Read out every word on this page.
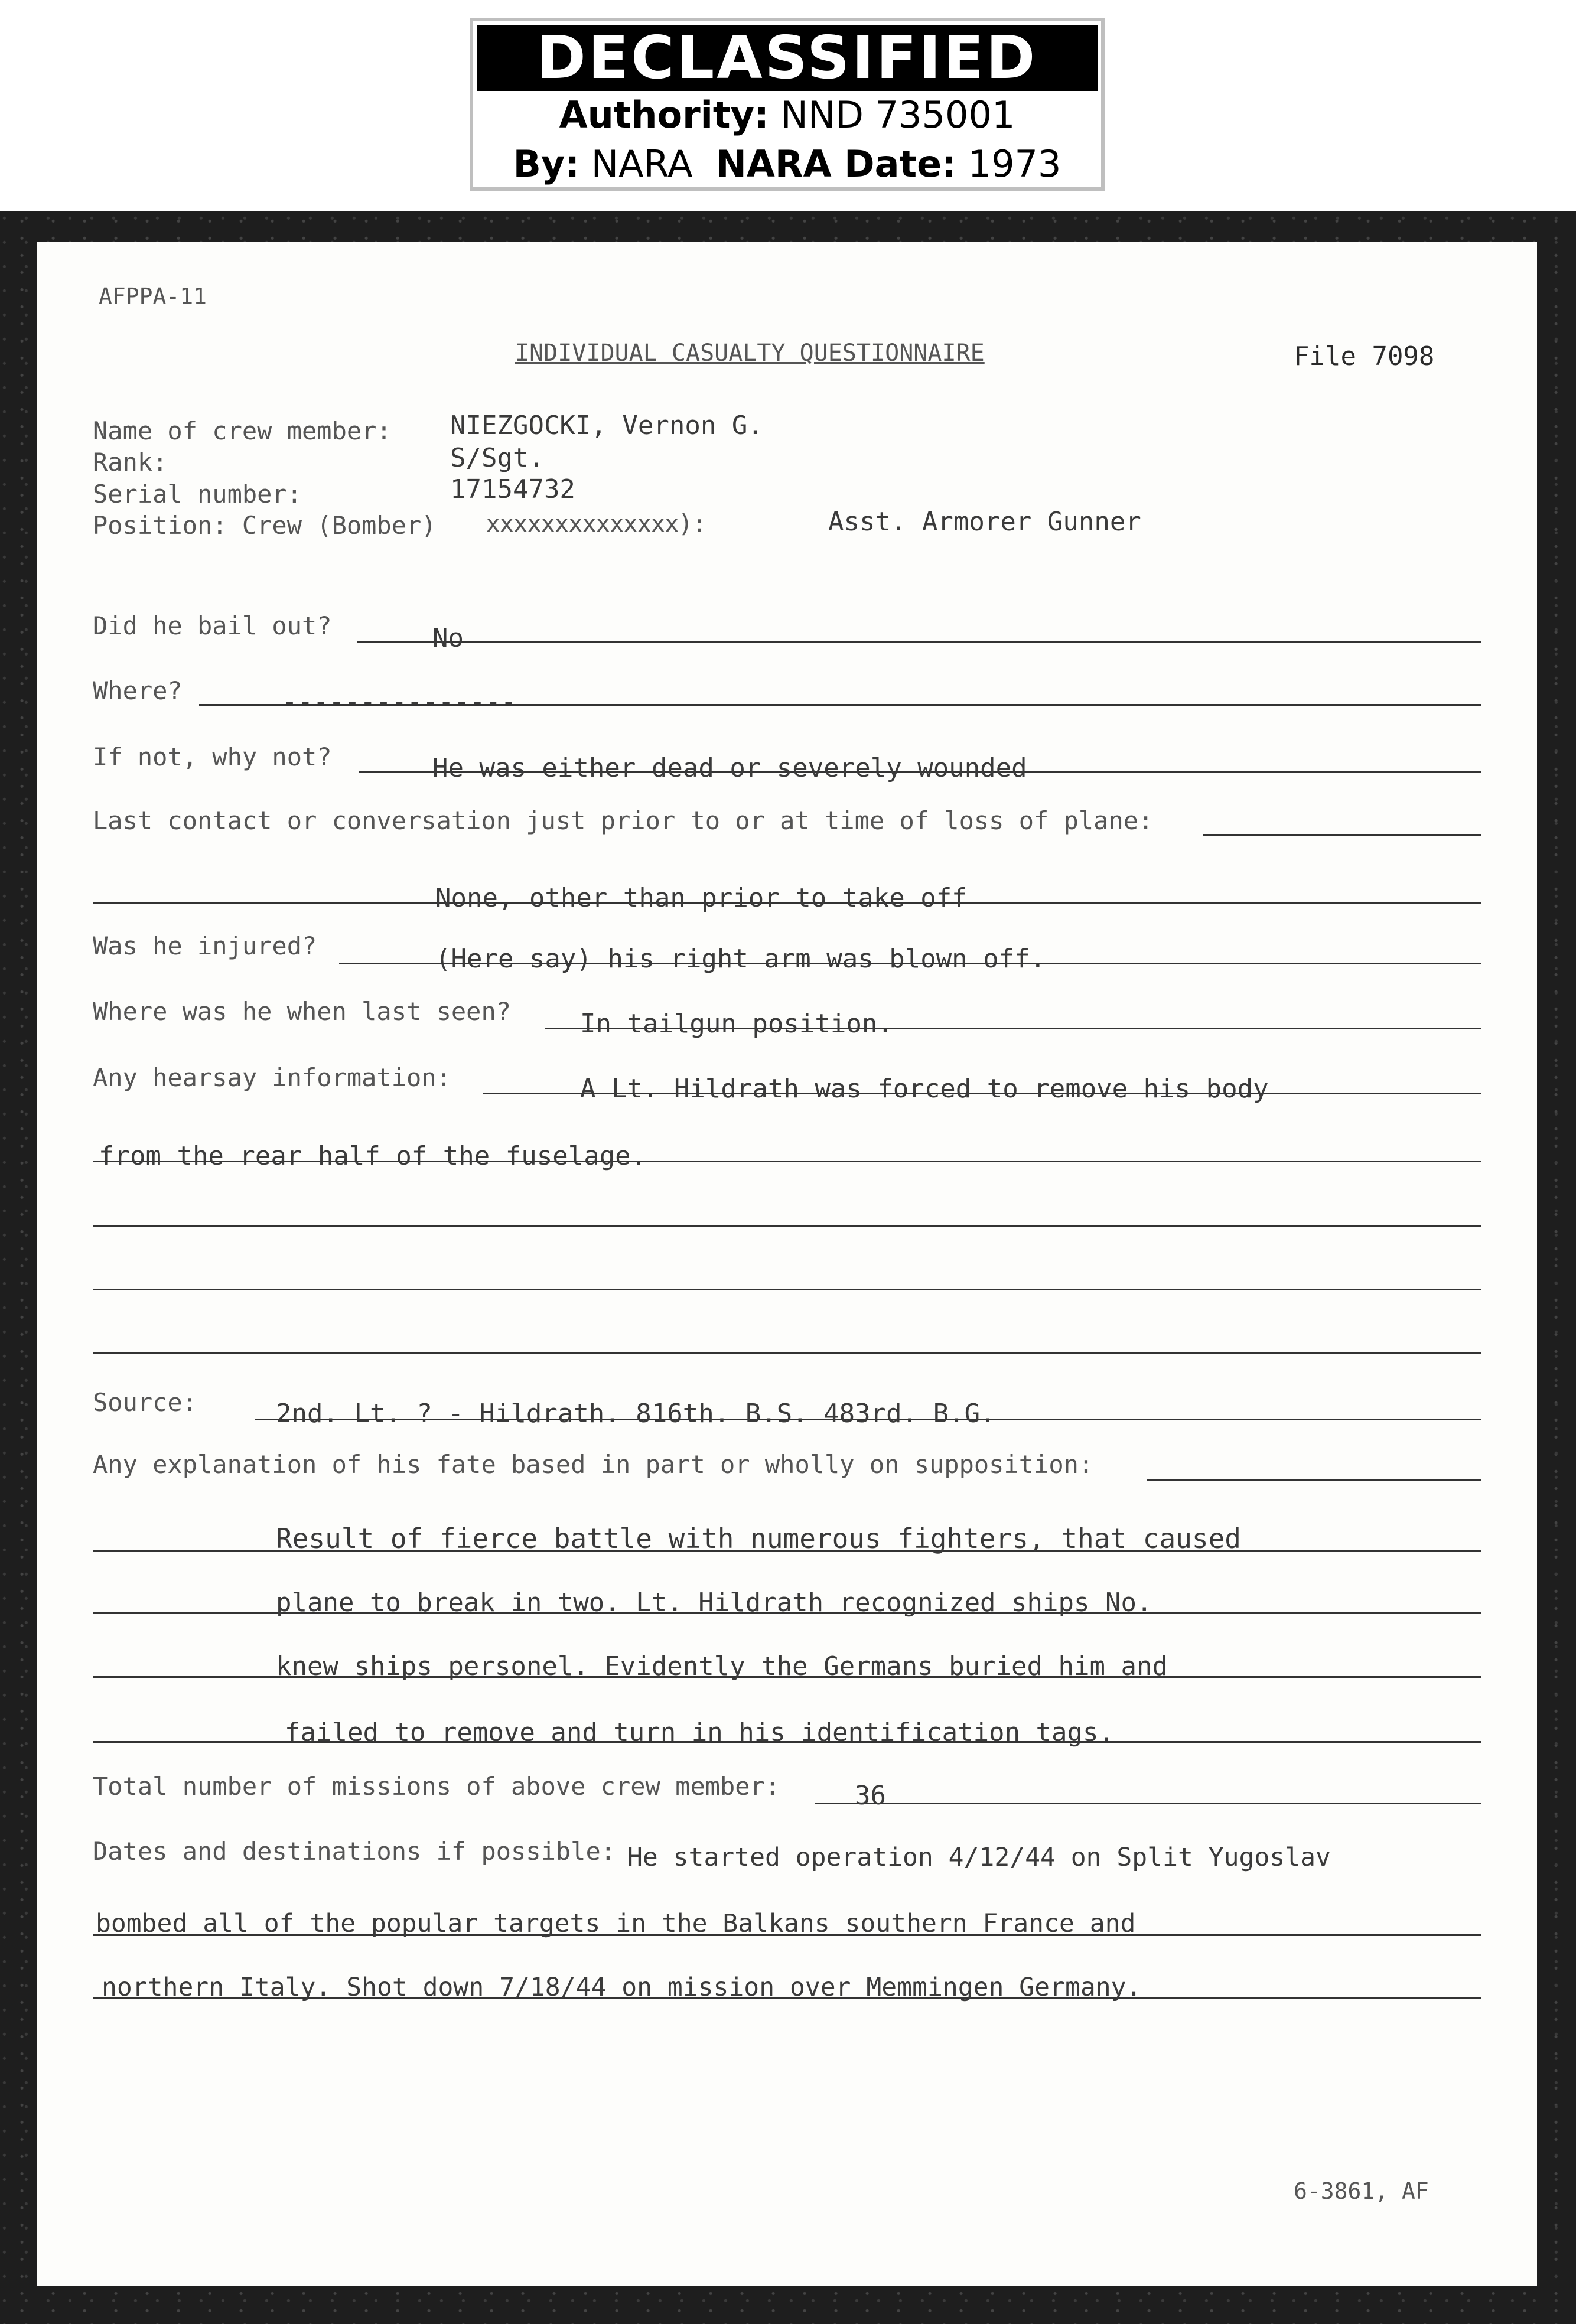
DECLASSIFIED
Authority: NND 735001
By: NARA NARA Date: 1973
AFPPA-11
INDIVIDUAL CASUALTY QUESTIONNAIRE	File 7098
Name of crew member: NIEZGOCKI, Vernon G.
Rank:	S/Sgt.
Serial number:	17154732
Position: Crew (Bomber) xxxxxxxxxxxxxx):	Asst. Armorer Gunner
Did he bail out?	No
Where?	---------------
If not, why not?	He was either dead or severely wounded
Last contact or conversation just prior to or at time of loss of plane:
None, other than prior to take off
Was he injured?	(Here say) his right arm was blown off.
Where was he when last seen?	In tailgun position.
Any hearsay information:	A Lt. Hildrath was forced to remove his body
from the rear half of the fuselage.
Source:	2nd. Lt. ? - Hildrath. 816th. B.S. 483rd. B.G.
Any explanation of his fate based in part or wholly on supposition:
Result of fierce battle with numerous fighters, that caused
plane to break in two. Lt. Hildrath recognized ships No.
knew ships personel. Evidently the Germans buried him and
failed to remove and turn in his identification tags.
Total number of missions of above crew member:	36
Dates and destinations if possible: He started operation 4/12/44 on Split Yugoslav
bombed all of the popular targets in the Balkans southern France and
northern Italy. Shot down 7/18/44 on mission over Memmingen Germany.
6-3861, AF
